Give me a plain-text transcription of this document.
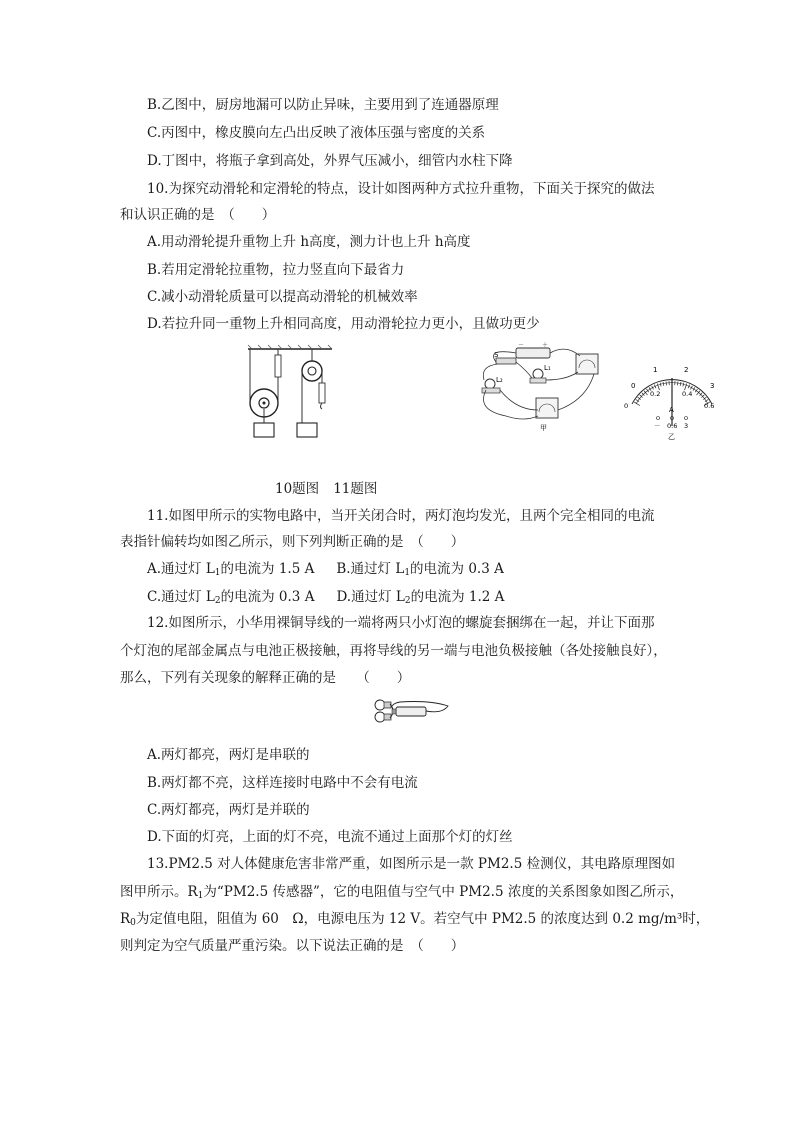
B.乙图中，厨房地漏可以防止异味，主要用到了连通器原理
C.丙图中，橡皮膜向左凸出反映了液体压强与密度的关系
D.丁图中，将瓶子拿到高处，外界气压减小，细管内水柱下降
10.为探究动滑轮和定滑轮的特点，设计如图两种方式拉升重物，下面关于探究的做法
和认识正确的是　（　　）
A.用动滑轮提升重物上升 h高度，测力计也上升 h高度
B.若用定滑轮拉重物，拉力竖直向下最省力
C.减小动滑轮质量可以提高动滑轮的机械效率
D.若拉升同一重物上升相同高度，用动滑轮拉力更小，且做功更少
－	＋
S
L₁
L₂
甲
0
1	2
3
0
0.2	0.4
0.6
A
－ 0.6 3
乙
10题图 11题图
11.如图甲所示的实物电路中，当开关闭合时，两灯泡均发光，且两个完全相同的电流
表指针偏转均如图乙所示，则下列判断正确的是　（　　）
A.通过灯 $L_1$的电流为 1.5 A B.通过灯 $L_1$的电流为 0.3 A
C.通过灯 $L_2$的电流为 0.3 A D.通过灯 $L_2$的电流为 1.2 A
12.如图所示，小华用裸铜导线的一端将两只小灯泡的螺旋套捆绑在一起，并让下面那
个灯泡的尾部金属点与电池正极接触，再将导线的另一端与电池负极接触（各处接触良好），
那么，下列有关现象的解释正确的是　　（　　）
A.两灯都亮，两灯是串联的
B.两灯都不亮，这样连接时电路中不会有电流
C.两灯都亮，两灯是并联的
D.下面的灯亮，上面的灯不亮，电流不通过上面那个灯的灯丝
13.PM2.5 对人体健康危害非常严重，如图所示是一款 PM2.5 检测仪，其电路原理图如
图甲所示。$R_1$为“PM2.5 传感器”，它的电阻值与空气中 PM2.5 浓度的关系图象如图乙所示，
$R_0$为定值电阻，阻值为 60　Ω，电源电压为 12 V。若空气中 PM2.5 的浓度达到 0.2 mg/m³时，
则判定为空气质量严重污染。以下说法正确的是　（　　）
